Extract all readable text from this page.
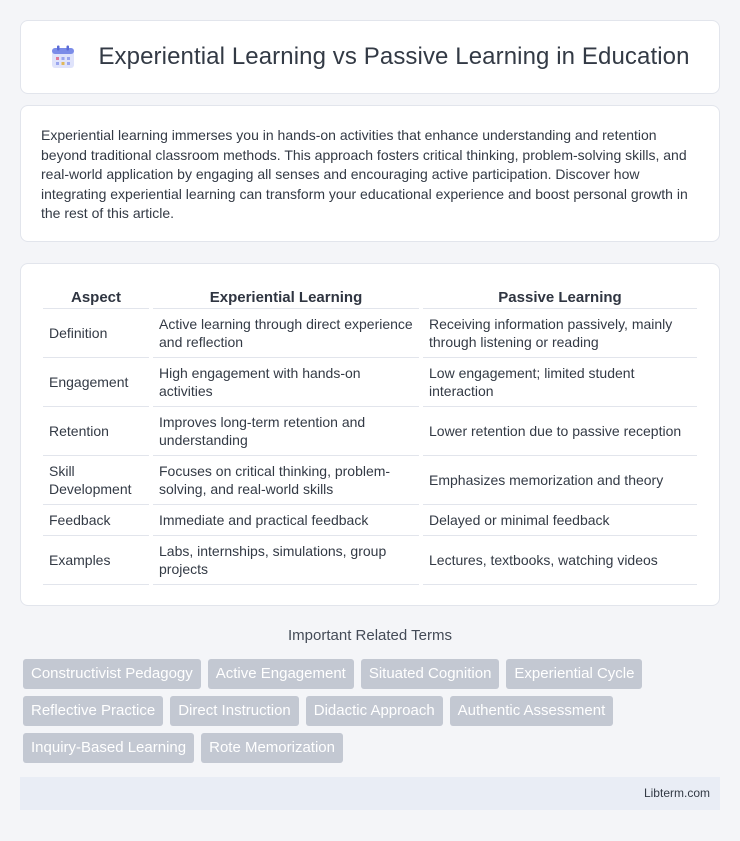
Experiential Learning vs Passive Learning in Education

Experiential learning immerses you in hands-on activities that enhance understanding and retention beyond traditional classroom methods. This approach fosters critical thinking, problem-solving skills, and real-world application by engaging all senses and encouraging active participation. Discover how integrating experiential learning can transform your educational experience and boost personal growth in the rest of this article.

Aspect	Experiential Learning	Passive Learning
Definition	Active learning through direct experience and reflection	Receiving information passively, mainly through listening or reading
Engagement	High engagement with hands-on activities	Low engagement; limited student interaction
Retention	Improves long-term retention and understanding	Lower retention due to passive reception
Skill Development	Focuses on critical thinking, problem-solving, and real-world skills	Emphasizes memorization and theory
Feedback	Immediate and practical feedback	Delayed or minimal feedback
Examples	Labs, internships, simulations, group projects	Lectures, textbooks, watching videos
Important Related Terms
Constructivist Pedagogy	Active Engagement	Situated Cognition	Experiential Cycle
Reflective Practice	Direct Instruction	Didactic Approach	Authentic Assessment
Inquiry-Based Learning	Rote Memorization
Libterm.com
